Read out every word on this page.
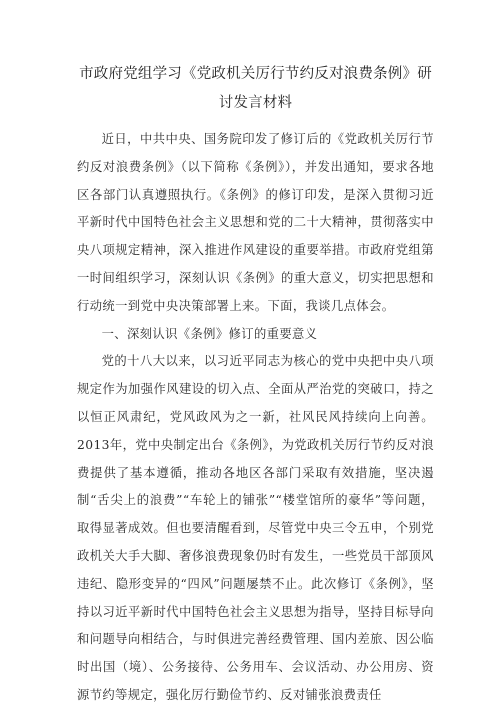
市政府党组学习《党政机关厉行节约反对浪费条例》研讨发言材料

近日，中共中央、国务院印发了修订后的《党政机关厉行节约反对浪费条例》（以下简称《条例》），并发出通知，要求各地区各部门认真遵照执行。《条例》的修订印发，是深入贯彻习近平新时代中国特色社会主义思想和党的二十大精神，贯彻落实中央八项规定精神，深入推进作风建设的重要举措。市政府党组第一时间组织学习，深刻认识《条例》的重大意义，切实把思想和行动统一到党中央决策部署上来。下面，我谈几点体会。

一、深刻认识《条例》修订的重要意义

党的十八大以来，以习近平同志为核心的党中央把中央八项规定作为加强作风建设的切入点、全面从严治党的突破口，持之以恒正风肃纪，党风政风为之一新，社风民风持续向上向善。2013年，党中央制定出台《条例》，为党政机关厉行节约反对浪费提供了基本遵循，推动各地区各部门采取有效措施，坚决遏制“舌尖上的浪费”“车轮上的铺张”“楼堂馆所的豪华”等问题，取得显著成效。但也要清醒看到，尽管党中央三令五申，个别党政机关大手大脚、奢侈浪费现象仍时有发生，一些党员干部顶风违纪、隐形变异的“四风”问题屡禁不止。此次修订《条例》，坚持以习近平新时代中国特色社会主义思想为指导，坚持目标导向和问题导向相结合，与时俱进完善经费管理、国内差旅、因公临时出国（境）、公务接待、公务用车、会议活动、办公用房、资源节约等规定，强化厉行勤俭节约、反对铺张浪费责任
